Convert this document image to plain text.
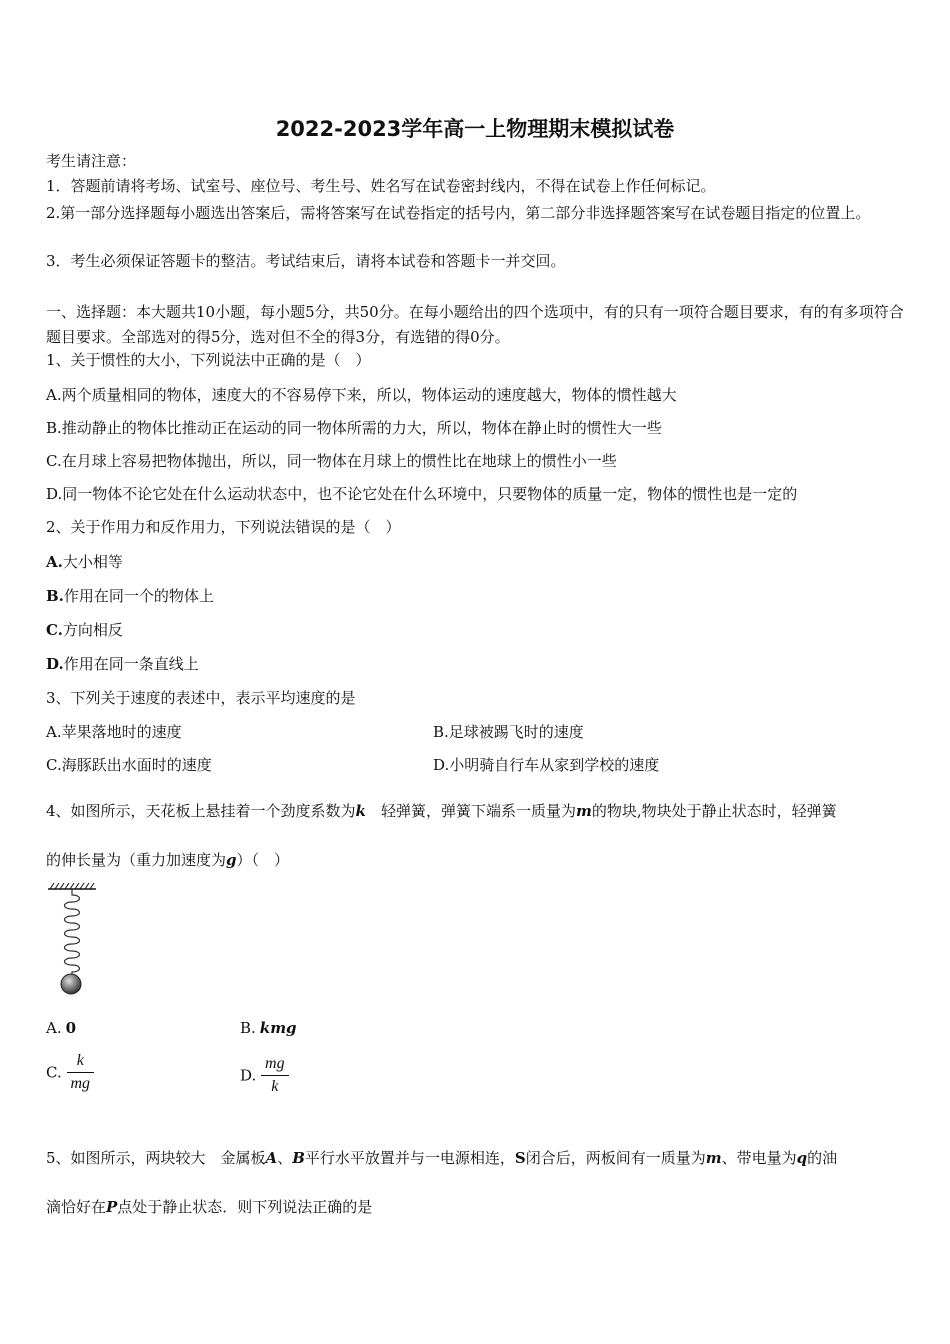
2022-2023学年高一上物理期末模拟试卷
考生请注意：
1．答题前请将考场、试室号、座位号、考生号、姓名写在试卷密封线内，不得在试卷上作任何标记。
2.第一部分选择题每小题选出答案后，需将答案写在试卷指定的括号内，第二部分非选择题答案写在试卷题目指定的位置上。
3．考生必须保证答题卡的整洁。考试结束后，请将本试卷和答题卡一并交回。
一、选择题：本大题共10小题，每小题5分，共50分。在每小题给出的四个选项中，有的只有一项符合题目要求，有的有多项符合题目要求。全部选对的得5分，选对但不全的得3分，有选错的得0分。
1、关于惯性的大小，下列说法中正确的是（　）
A.两个质量相同的物体，速度大的不容易停下来，所以，物体运动的速度越大，物体的惯性越大
B.推动静止的物体比推动正在运动的同一物体所需的力大，所以，物体在静止时的惯性大一些
C.在月球上容易把物体抛出，所以，同一物体在月球上的惯性比在地球上的惯性小一些
D.同一物体不论它处在什么运动状态中，也不论它处在什么环境中，只要物体的质量一定，物体的惯性也是一定的
2、关于作用力和反作用力，下列说法错误的是（　）
A.大小相等
B.作用在同一个的物体上
C.方向相反
D.作用在同一条直线上
3、下列关于速度的表述中，表示平均速度的是
A.苹果落地时的速度	B.足球被踢飞时的速度
C.海豚跃出水面时的速度	D.小明骑自行车从家到学校的速度
4、如图所示，天花板上悬挂着一个劲度系数为k　轻弹簧，弹簧下端系一质量为m的物块,物块处于静止状态时，轻弹簧
的伸长量为（重力加速度为g）（　）
A. 0	B. kmg
C. $\frac{k}{mg}$	D. $\frac{mg}{k}$
5、如图所示，两块较大　金属板A、B平行水平放置并与一电源相连，S闭合后，两板间有一质量为m、带电量为q的油
滴恰好在P点处于静止状态．则下列说法正确的是
